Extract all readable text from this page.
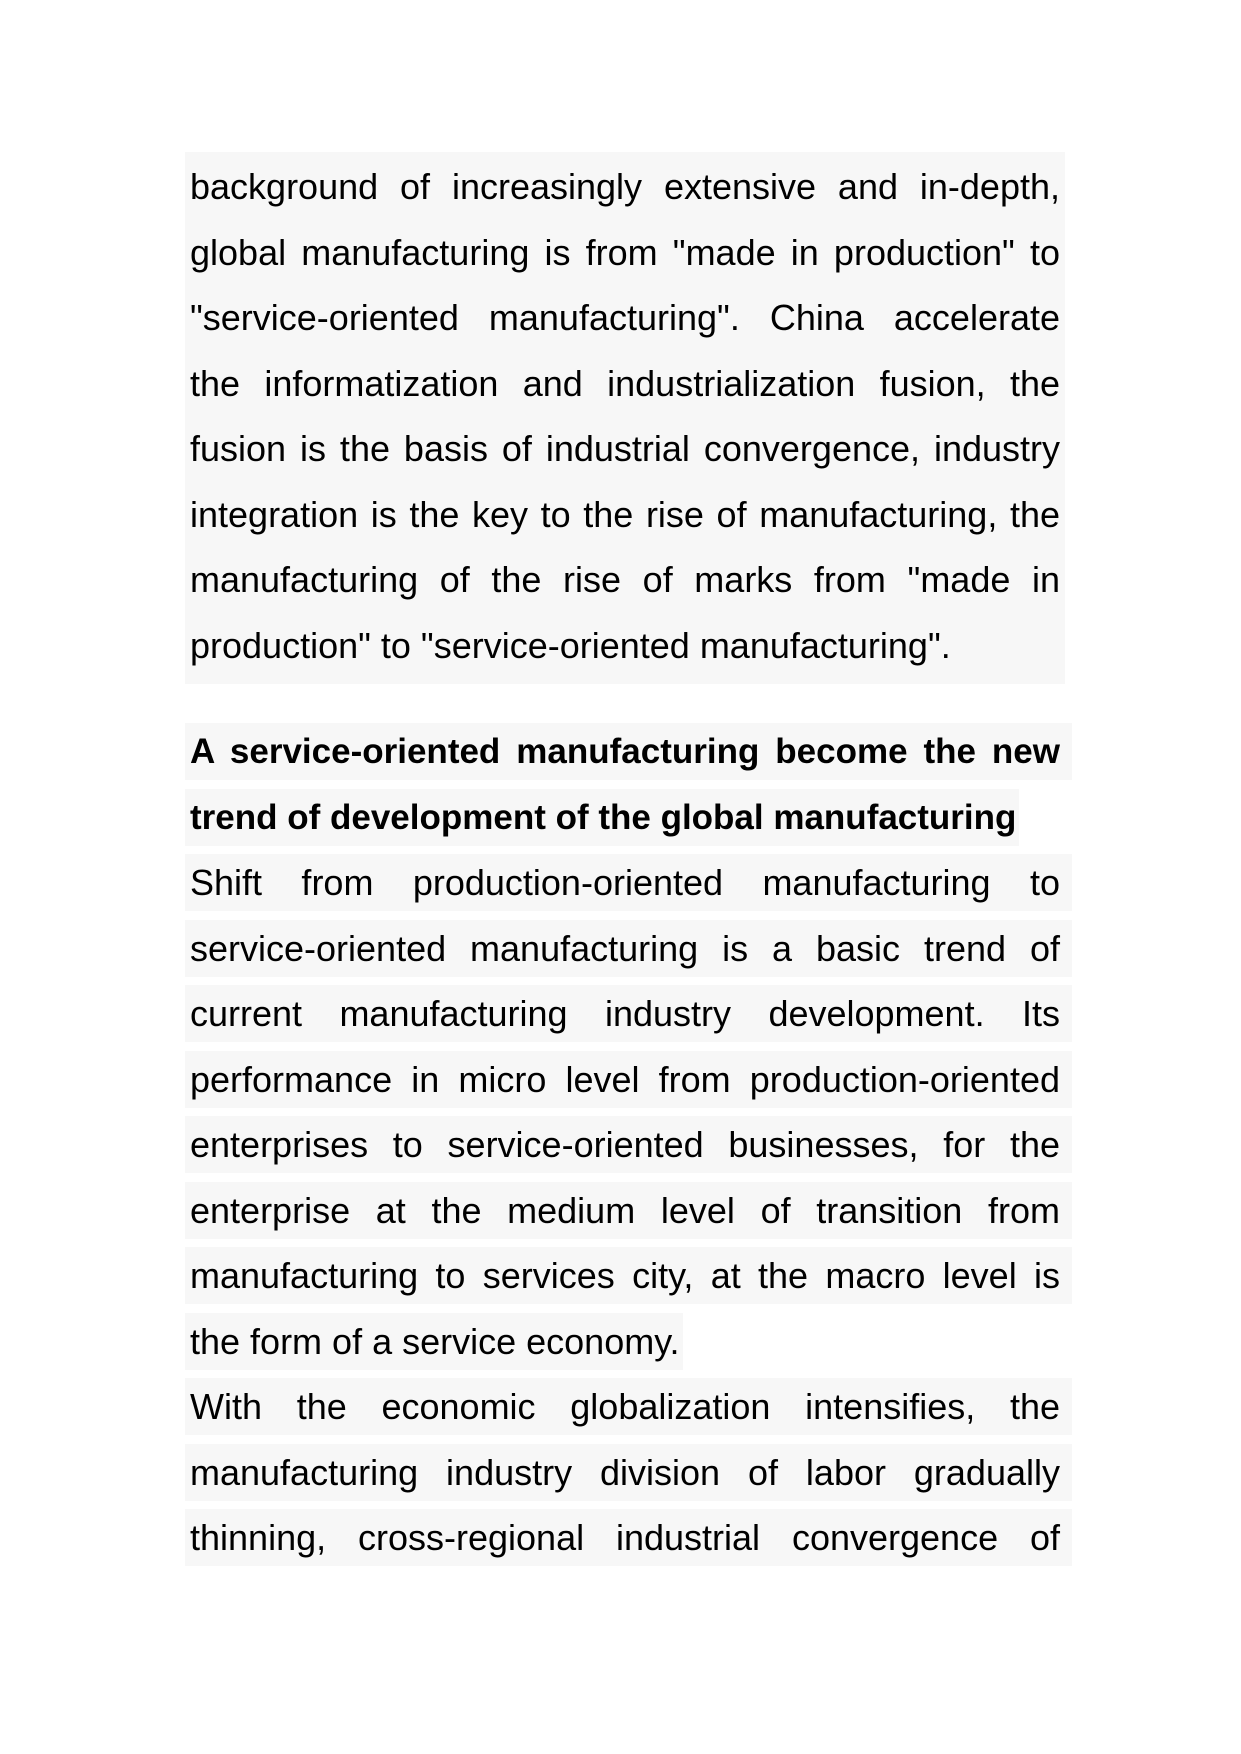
background of increasingly extensive and in-depth,
global manufacturing is from "made in production" to
"service-oriented manufacturing". China accelerate
the informatization and industrialization fusion, the
fusion is the basis of industrial convergence, industry
integration is the key to the rise of manufacturing, the
manufacturing of the rise of marks from "made in
production" to "service-oriented manufacturing".
A service-oriented manufacturing become the new
trend of development of the global manufacturing
Shift from production-oriented manufacturing to
service-oriented manufacturing is a basic trend of
current manufacturing industry development. Its
performance in micro level from production-oriented
enterprises to service-oriented businesses, for the
enterprise at the medium level of transition from
manufacturing to services city, at the macro level is
the form of a service economy.
With the economic globalization intensifies, the
manufacturing industry division of labor gradually
thinning, cross-regional industrial convergence of
